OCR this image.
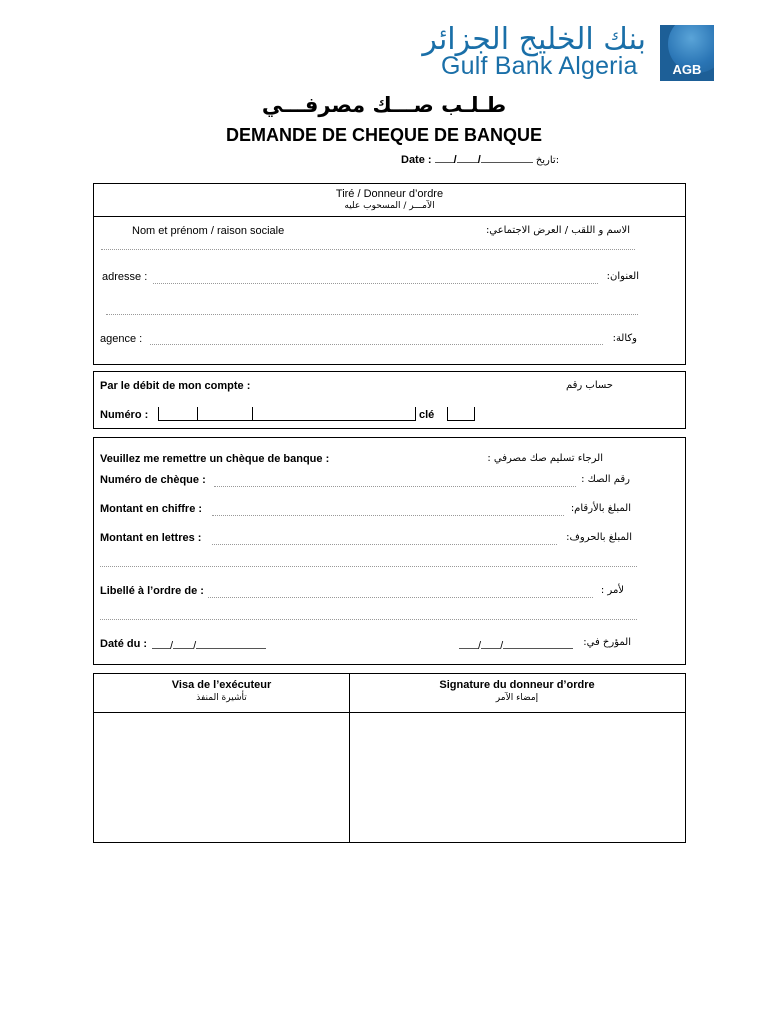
بنك الخليج الجزائر
Gulf Bank Algeria	AGB
طـلـب صـــك مصرفـــي
DEMANDE DE CHEQUE DE BANQUE
Date : / /	تاريخ:
Tiré / Donneur d’ordre
الآمـــر / المسحوب عليه
Nom et prénom / raison sociale	الاسم و اللقب / العرض الاجتماعي:
adresse :	العنوان:
agence :	وكالة:
Par le débit de mon compte :	حساب رقم
Numéro :	clé
Veuillez me remettre un chèque de banque :	الرجاء تسليم صك مصرفي :
Numéro de chèque :	رقم الصك :
Montant en chiffre :	المبلغ بالأرقام:
Montant en lettres :	المبلغ بالحروف:
Libellé à l’ordre de :	لأمر :
Daté du :	/ /	/ /	المؤرخ في:
Visa de l’exécuteur
تأشيرة المنفذ
Signature du donneur d’ordre
إمضاء الآمر
